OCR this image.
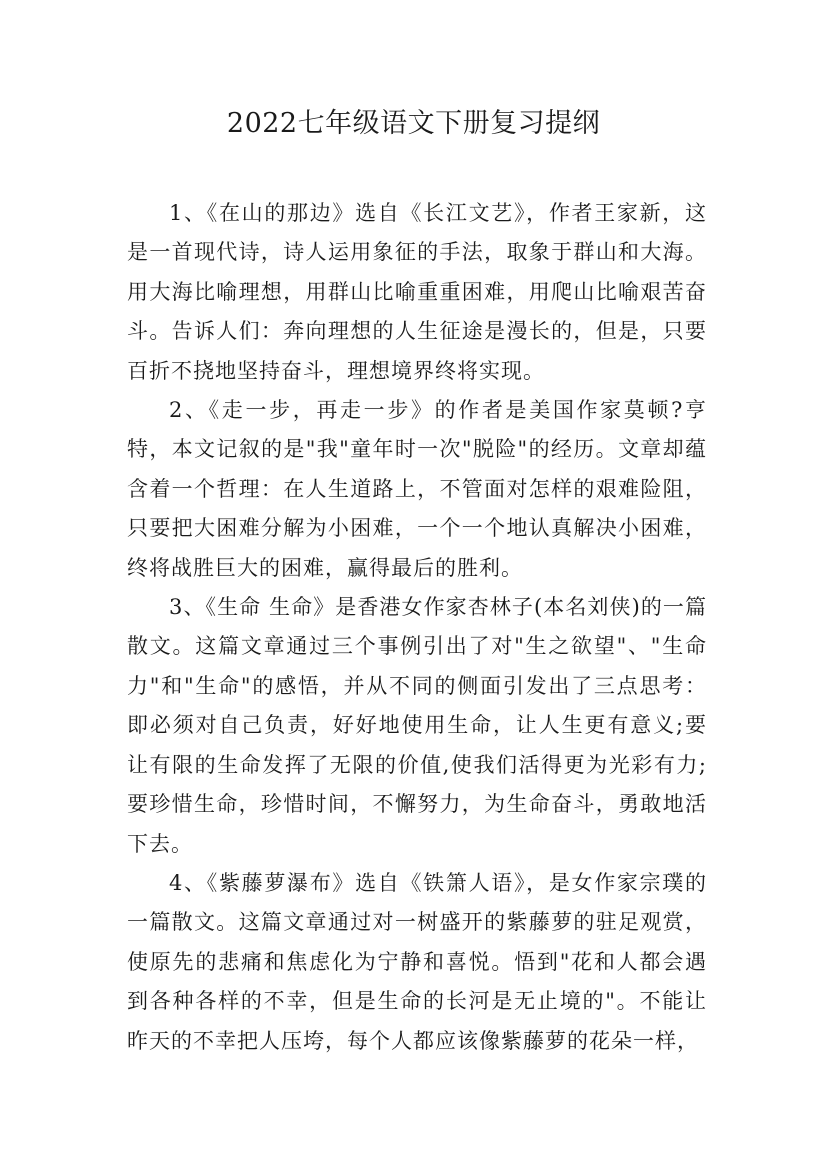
2022七年级语文下册复习提纲

1、《在山的那边》选自《长江文艺》，作者王家新，这是一首现代诗，诗人运用象征的手法，取象于群山和大海。用大海比喻理想，用群山比喻重重困难，用爬山比喻艰苦奋斗。告诉人们：奔向理想的人生征途是漫长的，但是，只要百折不挠地坚持奋斗，理想境界终将实现。

2、《走一步，再走一步》的作者是美国作家莫顿?亨特，本文记叙的是"我"童年时一次"脱险"的经历。文章却蕴含着一个哲理：在人生道路上，不管面对怎样的艰难险阻，只要把大困难分解为小困难，一个一个地认真解决小困难，终将战胜巨大的困难，赢得最后的胜利。

3、《生命 生命》是香港女作家杏林子(本名刘侠)的一篇散文。这篇文章通过三个事例引出了对"生之欲望"、"生命力"和"生命"的感悟，并从不同的侧面引发出了三点思考：即必须对自己负责，好好地使用生命，让人生更有意义;要让有限的生命发挥了无限的价值,使我们活得更为光彩有力;要珍惜生命，珍惜时间，不懈努力，为生命奋斗，勇敢地活下去。

4、《紫藤萝瀑布》选自《铁箫人语》，是女作家宗璞的一篇散文。这篇文章通过对一树盛开的紫藤萝的驻足观赏，使原先的悲痛和焦虑化为宁静和喜悦。悟到"花和人都会遇到各种各样的不幸，但是生命的长河是无止境的"。不能让昨天的不幸把人压垮，每个人都应该像紫藤萝的花朵一样，
